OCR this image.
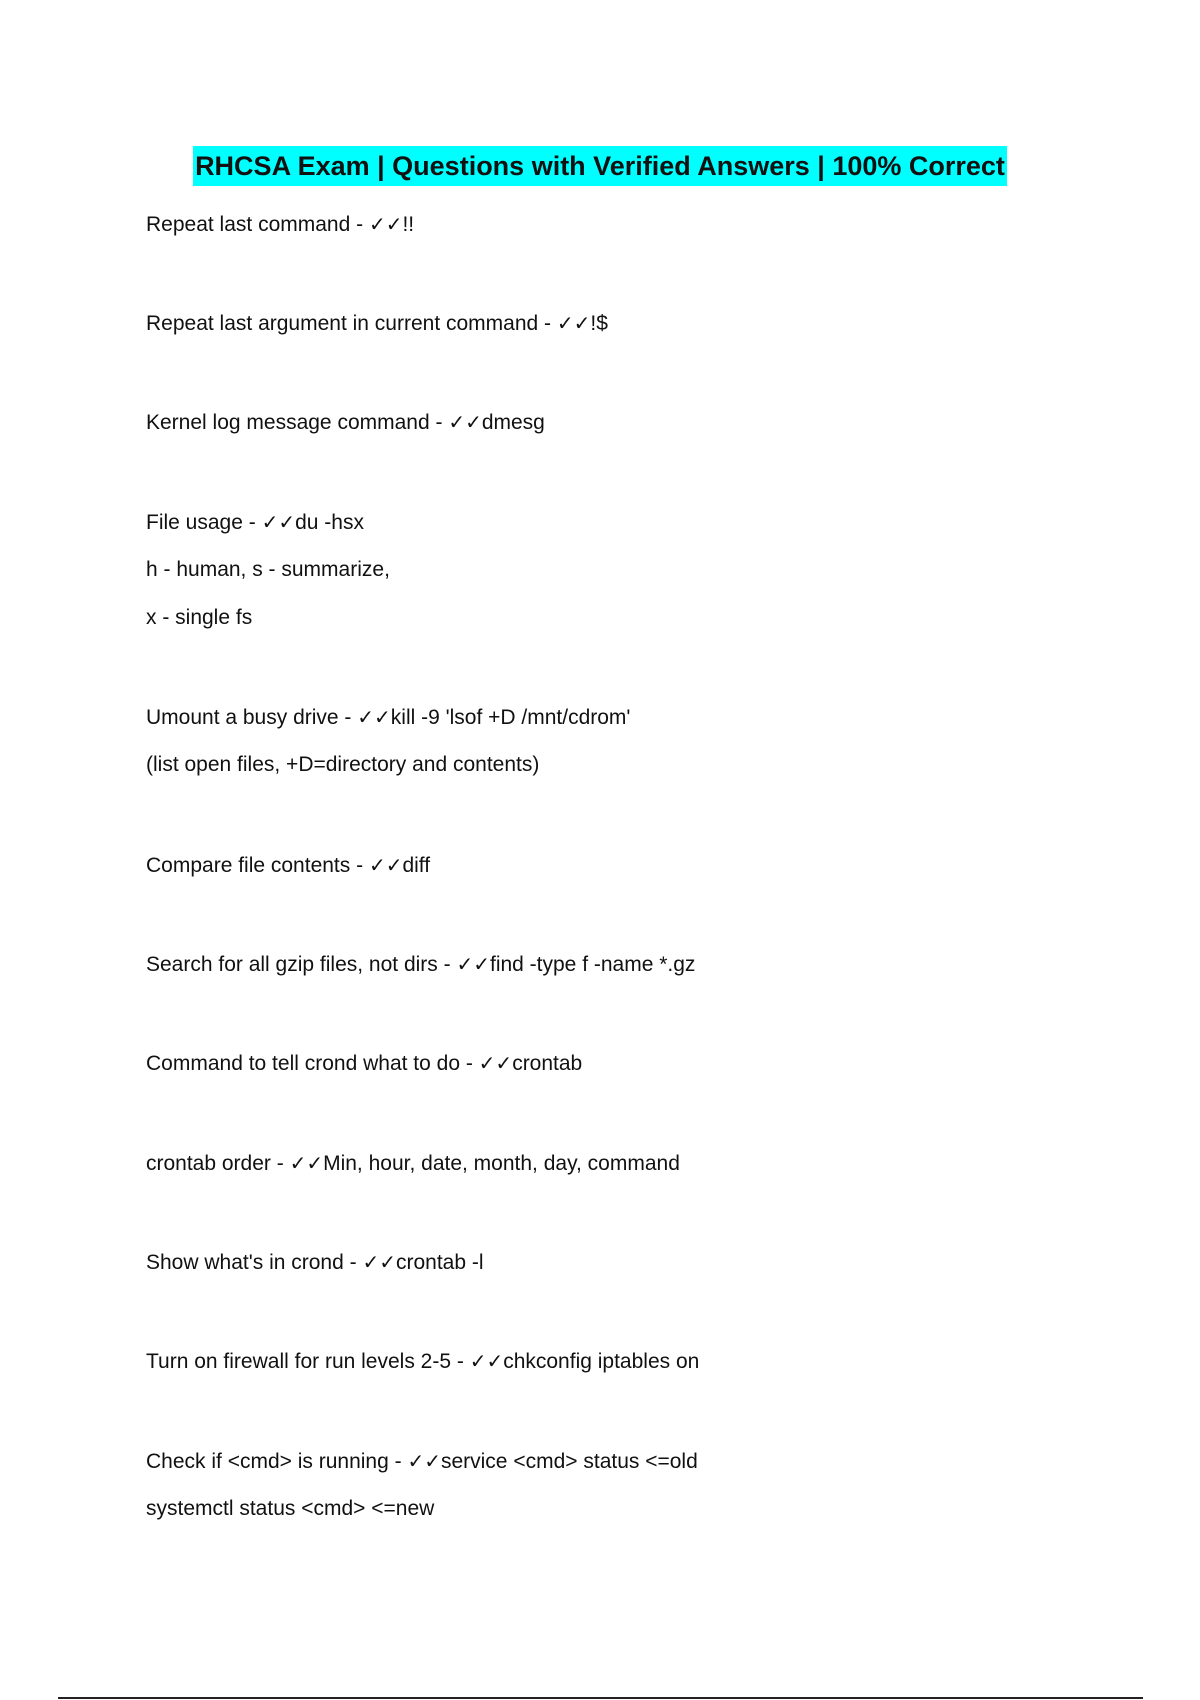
RHCSA Exam | Questions with Verified Answers | 100% Correct
Repeat last command - ✓✓!!
Repeat last argument in current command - ✓✓!$
Kernel log message command - ✓✓dmesg
File usage - ✓✓du -hsx
h - human, s - summarize,
x - single fs
Umount a busy drive - ✓✓kill -9 'lsof +D /mnt/cdrom'
(list open files, +D=directory and contents)
Compare file contents - ✓✓diff
Search for all gzip files, not dirs - ✓✓find -type f -name *.gz
Command to tell crond what to do - ✓✓crontab
crontab order - ✓✓Min, hour, date, month, day, command
Show what's in crond - ✓✓crontab -l
Turn on firewall for run levels 2-5 - ✓✓chkconfig iptables on
Check if <cmd> is running - ✓✓service <cmd> status <=old
systemctl status <cmd> <=new
